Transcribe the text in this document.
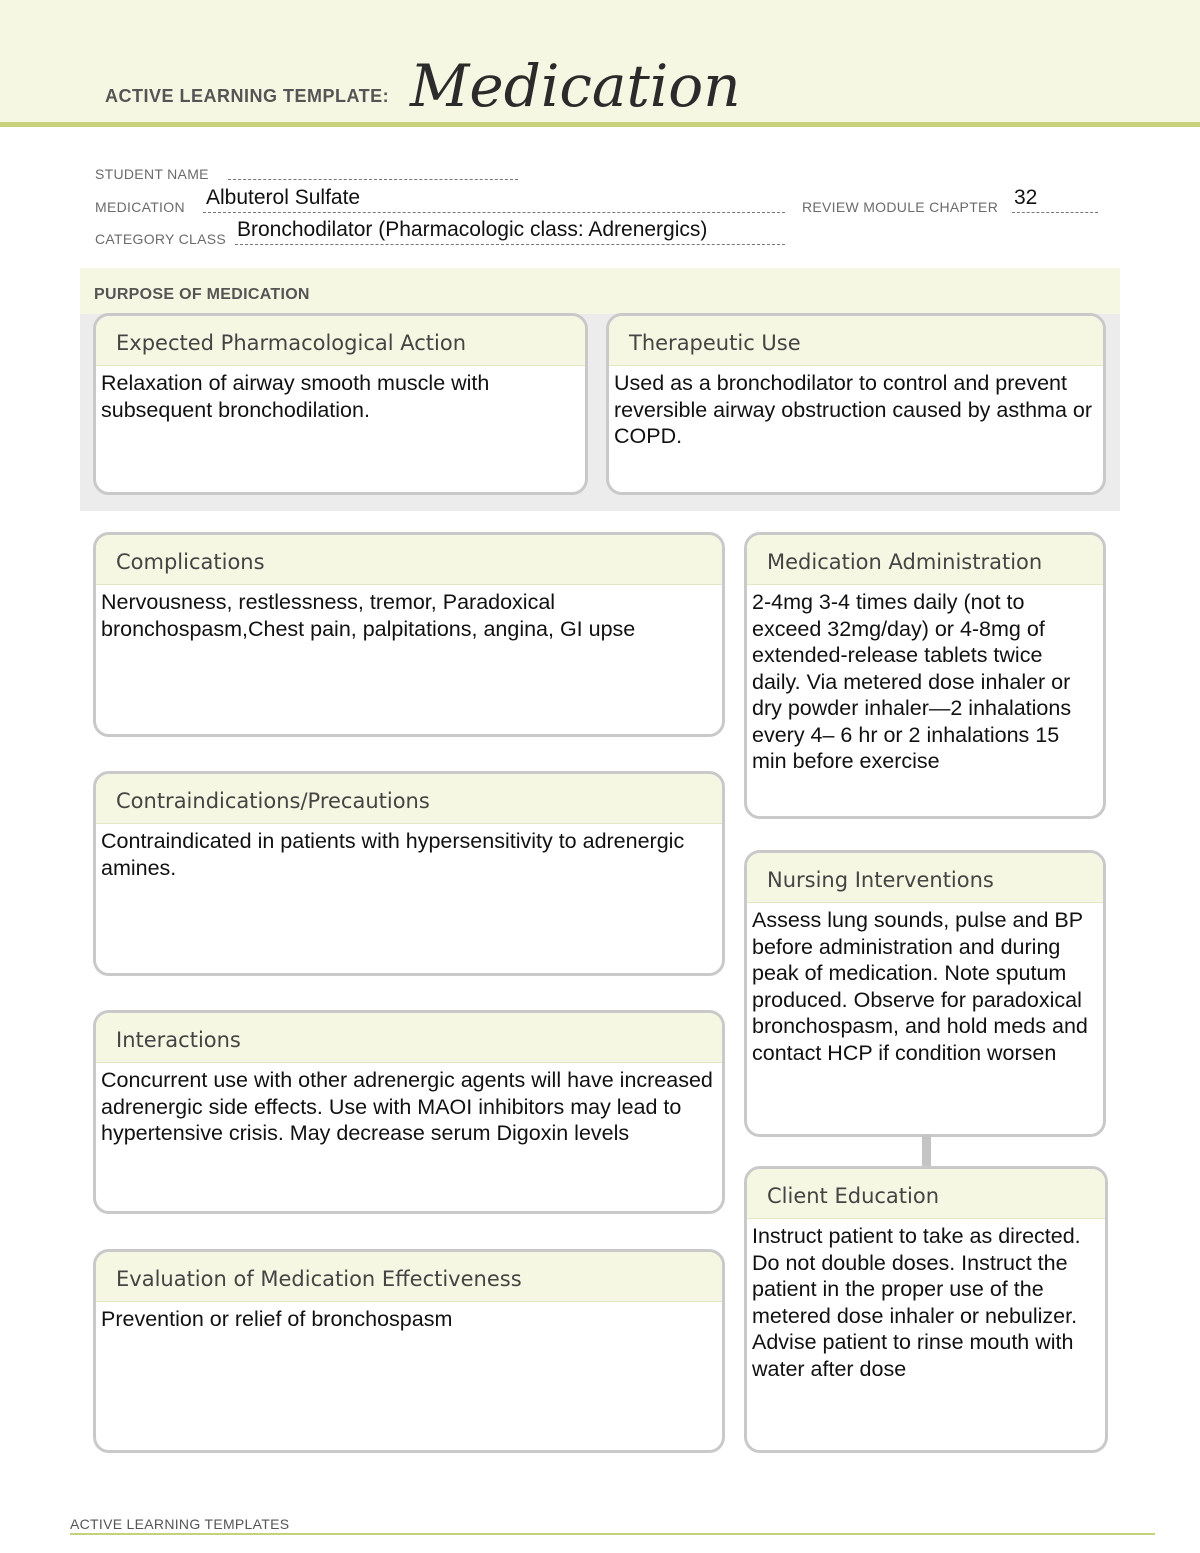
ACTIVE LEARNING TEMPLATE: Medication
STUDENT NAME
MEDICATION Albuterol Sulfate	REVIEW MODULE CHAPTER 32
CATEGORY CLASS Bronchodilator (Pharmacologic class: Adrenergics)
PURPOSE OF MEDICATION
Expected Pharmacological Action
Relaxation of airway smooth muscle with subsequent bronchodilation.
Therapeutic Use
Used as a bronchodilator to control and prevent reversible airway obstruction caused by asthma or COPD.
Complications
Nervousness, restlessness, tremor, Paradoxical bronchospasm,Chest pain, palpitations, angina, GI upse
Contraindications/Precautions
Contraindicated in patients with hypersensitivity to adrenergic amines.
Interactions
Concurrent use with other adrenergic agents will have increased adrenergic side effects. Use with MAOI inhibitors may lead to hypertensive crisis. May decrease serum Digoxin levels
Evaluation of Medication Effectiveness
Prevention or relief of bronchospasm
Medication Administration
2-4mg 3-4 times daily (not to exceed 32mg/day) or 4-8mg of extended-release tablets twice daily. Via metered dose inhaler or dry powder inhaler—2 inhalations every 4– 6 hr or 2 inhalations 15 min before exercise
Nursing Interventions
Assess lung sounds, pulse and BP before administration and during peak of medication. Note sputum produced. Observe for paradoxical bronchospasm, and hold meds and contact HCP if condition worsen
Client Education
Instruct patient to take as directed. Do not double doses. Instruct the patient in the proper use of the metered dose inhaler or nebulizer. Advise patient to rinse mouth with water after dose
ACTIVE LEARNING TEMPLATES
